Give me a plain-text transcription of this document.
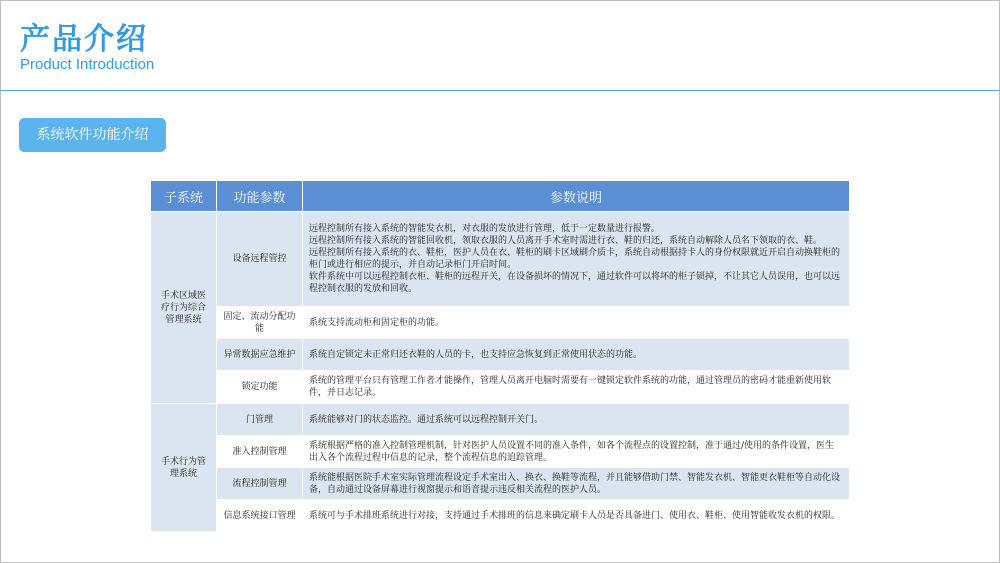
产品介绍
Product Introduction
系统软件功能介绍
子系统	功能参数	参数说明
手术区域医疗行为综合管理系统	设备远程管控	远程控制所有接入系统的智能发衣机，对衣服的发放进行管理，低于一定数量进行报警。
远程控制所有接入系统的智能回收机，领取衣服的人员离开手术室时需进行衣、鞋的归还，系统自动解除人员名下领取的衣、鞋。
远程控制所有接入系统的衣、鞋柜，医护人员在衣、鞋柜的刷卡区域刷介质卡，系统自动根据持卡人的身份权限就近开启自动换鞋柜的柜门或进行相应的提示，并自动记录柜门开启时间。
软件系统中可以远程控制衣柜、鞋柜的远程开关，在设备损坏的情况下，通过软件可以将坏的柜子锁掉，不让其它人员误用，也可以远程控制衣服的发放和回收。

	固定、流动分配功能	系统支持流动柜和固定柜的功能。
	异常数据应急维护	系统自定锁定未正常归还衣鞋的人员的卡，也支持应急恢复到正常使用状态的功能。
	锁定功能	系统的管理平台只有管理工作者才能操作，管理人员离开电脑时需要有一键锁定软件系统的功能，通过管理员的密码才能重新使用软件，并日志记录。
手术行为管理系统	门管理	系统能够对门的状态监控。通过系统可以远程控制开关门。
	准入控制管理	系统根据严格的准入控制管理机制，针对医护人员设置不同的准入条件，如各个流程点的设置控制，准于通过/使用的条件设置，医生出入各个流程过程中信息的记录，整个流程信息的追踪管理。
	流程控制管理	系统能根据医院手术室实际管理流程设定手术室出入、换衣、换鞋等流程，并且能够借助门禁、智能发衣机、智能更衣鞋柜等自动化设备，自动通过设备屏幕进行视窗提示和语音提示违反相关流程的医护人员。
	信息系统接口管理	系统可与手术排班系统进行对接，支持通过手术排班的信息来确定刷卡人员是否具备进门、使用衣、鞋柜、使用智能收发衣机的权限。
